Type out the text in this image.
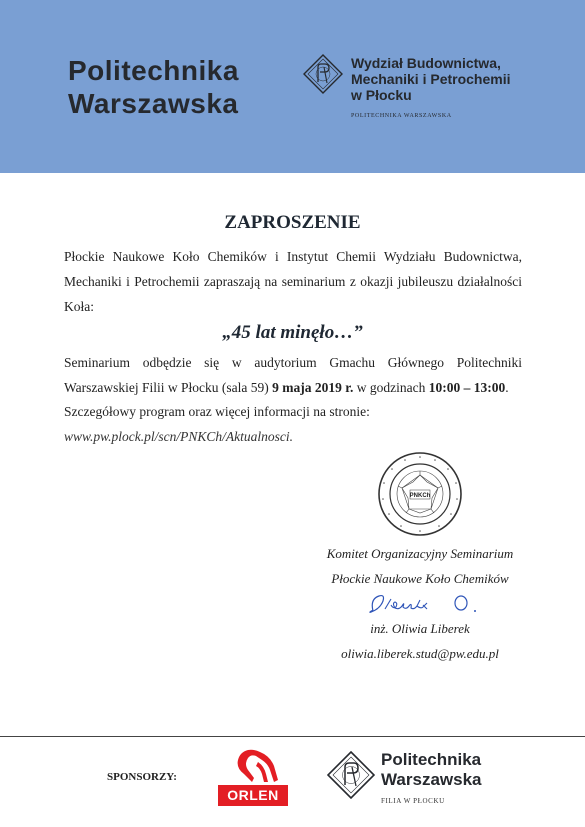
Politechnika
Warszawska
Wydział Budownictwa,
Mechaniki i Petrochemii
w Płocku
POLITECHNIKA WARSZAWSKA
ZAPROSZENIE
Płockie Naukowe Koło Chemików i Instytut Chemii Wydziału Budownictwa,
Mechaniki i Petrochemii zapraszają na seminarium z okazji jubileuszu działalności
Koła:
„45 lat minęło…”
Seminarium odbędzie się w audytorium Gmachu Głównego Politechniki
Warszawskiej Filii w Płocku (sala 59) 9 maja 2019 r. w godzinach 10:00 – 13:00.
Szczegółowy program oraz więcej informacji na stronie:
www.pw.plock.pl/scn/PNKCh/Aktualnosci.
PNKCh
Komitet Organizacyjny Seminarium
Płockie Naukowe Koło Chemików
inż. Oliwia Liberek
oliwia.liberek.stud@pw.edu.pl
SPONSORZY:
ORLEN
Politechnika
Warszawska
FILIA W PŁOCKU
